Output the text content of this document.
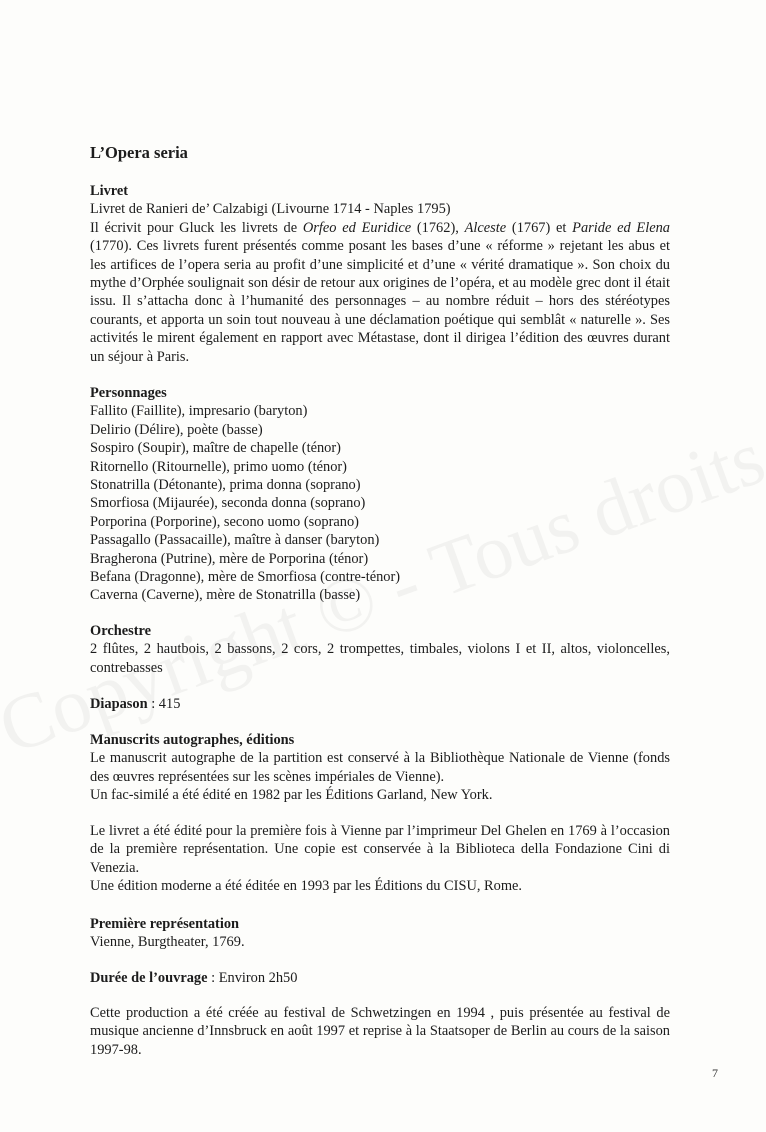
L’Opera seria

Livret

Livret de Ranieri de’ Calzabigi (Livourne 1714 - Naples 1795)

Il écrivit pour Gluck les livrets de Orfeo ed Euridice (1762), Alceste (1767) et Paride ed Elena (1770). Ces livrets furent présentés comme posant les bases d’une « réforme » rejetant les abus et les artifices de l’opera seria au profit d’une simplicité et d’une « vérité dramatique ». Son choix du mythe d’Orphée soulignait son désir de retour aux origines de l’opéra, et au modèle grec dont il était issu. Il s’attacha donc à l’humanité des personnages – au nombre réduit – hors des stéréotypes courants, et apporta un soin tout nouveau à une déclamation poétique qui semblât « naturelle ». Ses activités le mirent également en rapport avec Métastase, dont il dirigea l’édition des œuvres durant un séjour à Paris.

Personnages

Fallito (Faillite), impresario (baryton)
Delirio (Délire), poète (basse)
Sospiro (Soupir), maître de chapelle (ténor)
Ritornello (Ritournelle), primo uomo (ténor)
Stonatrilla (Détonante), prima donna (soprano)
Smorfiosa (Mijaurée), seconda donna (soprano)
Porporina (Porporine), secono uomo (soprano)
Passagallo (Passacaille), maître à danser (baryton)
Bragherona (Putrine), mère de Porporina (ténor)
Befana (Dragonne), mère de Smorfiosa (contre-ténor)
Caverna (Caverne), mère de Stonatrilla (basse)

Orchestre

2 flûtes, 2 hautbois, 2 bassons, 2 cors, 2 trompettes, timbales, violons I et II, altos, violoncelles, contrebasses

Diapason : 415

Manuscrits autographes, éditions

Le manuscrit autographe de la partition est conservé à la Bibliothèque Nationale de Vienne (fonds des œuvres représentées sur les scènes impériales de Vienne).

Un fac-similé a été édité en 1982 par les Éditions Garland, New York.

Le livret a été édité pour la première fois à Vienne par l’imprimeur Del Ghelen en 1769 à l’occasion de la première représentation. Une copie est conservée à la Biblioteca della Fondazione Cini di Venezia.

Une édition moderne a été éditée en 1993 par les Éditions du CISU, Rome.

Première représentation

Vienne, Burgtheater, 1769.

Durée de l’ouvrage : Environ 2h50

Cette production a été créée au festival de Schwetzingen en 1994 , puis présentée au festival de musique ancienne d’Innsbruck en août 1997 et reprise à la Staatsoper de Berlin au cours de la saison 1997-98.

7
